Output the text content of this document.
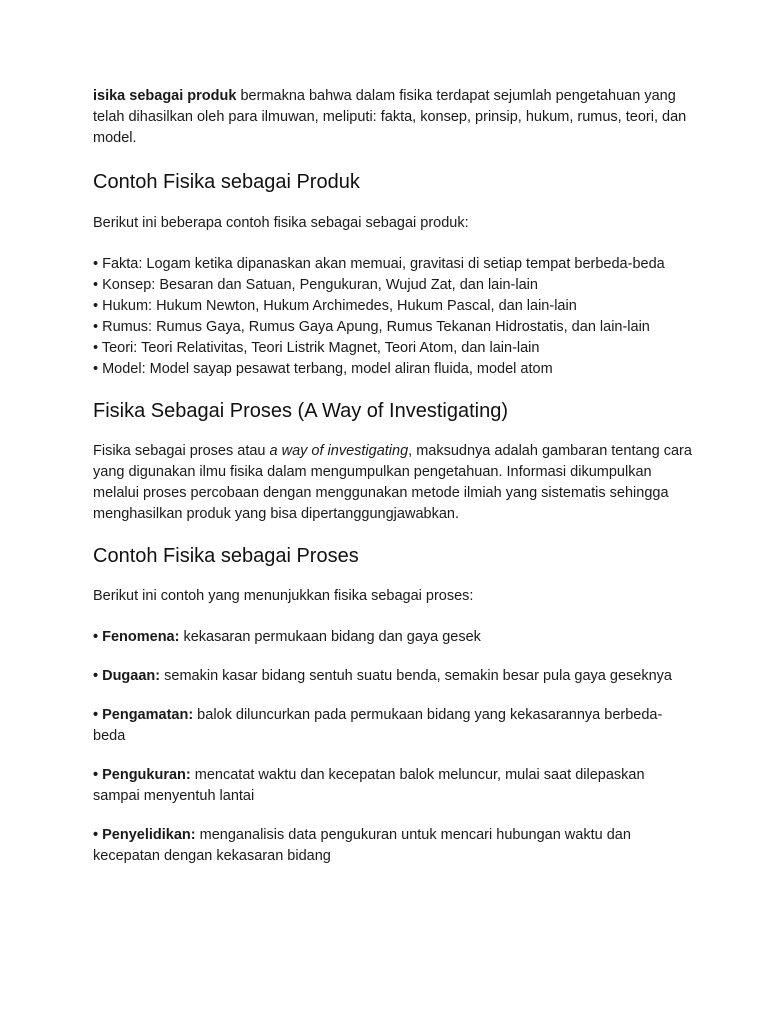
isika sebagai produk bermakna bahwa dalam fisika terdapat sejumlah pengetahuan yang telah dihasilkan oleh para ilmuwan, meliputi: fakta, konsep, prinsip, hukum, rumus, teori, dan model.

Contoh Fisika sebagai Produk

Berikut ini beberapa contoh fisika sebagai sebagai produk:

• Fakta: Logam ketika dipanaskan akan memuai, gravitasi di setiap tempat berbeda-beda

• Konsep: Besaran dan Satuan, Pengukuran, Wujud Zat, dan lain-lain

• Hukum: Hukum Newton, Hukum Archimedes, Hukum Pascal, dan lain-lain

• Rumus: Rumus Gaya, Rumus Gaya Apung, Rumus Tekanan Hidrostatis, dan lain-lain

• Teori: Teori Relativitas, Teori Listrik Magnet, Teori Atom, dan lain-lain

• Model: Model sayap pesawat terbang, model aliran fluida, model atom

Fisika Sebagai Proses (A Way of Investigating)

Fisika sebagai proses atau a way of investigating, maksudnya adalah gambaran tentang cara yang digunakan ilmu fisika dalam mengumpulkan pengetahuan. Informasi dikumpulkan melalui proses percobaan dengan menggunakan metode ilmiah yang sistematis sehingga menghasilkan produk yang bisa dipertanggungjawabkan.

Contoh Fisika sebagai Proses

Berikut ini contoh yang menunjukkan fisika sebagai proses:

• Fenomena: kekasaran permukaan bidang dan gaya gesek

• Dugaan: semakin kasar bidang sentuh suatu benda, semakin besar pula gaya geseknya

• Pengamatan: balok diluncurkan pada permukaan bidang yang kekasarannya berbeda-beda

• Pengukuran: mencatat waktu dan kecepatan balok meluncur, mulai saat dilepaskan sampai menyentuh lantai

• Penyelidikan: menganalisis data pengukuran untuk mencari hubungan waktu dan kecepatan dengan kekasaran bidang
